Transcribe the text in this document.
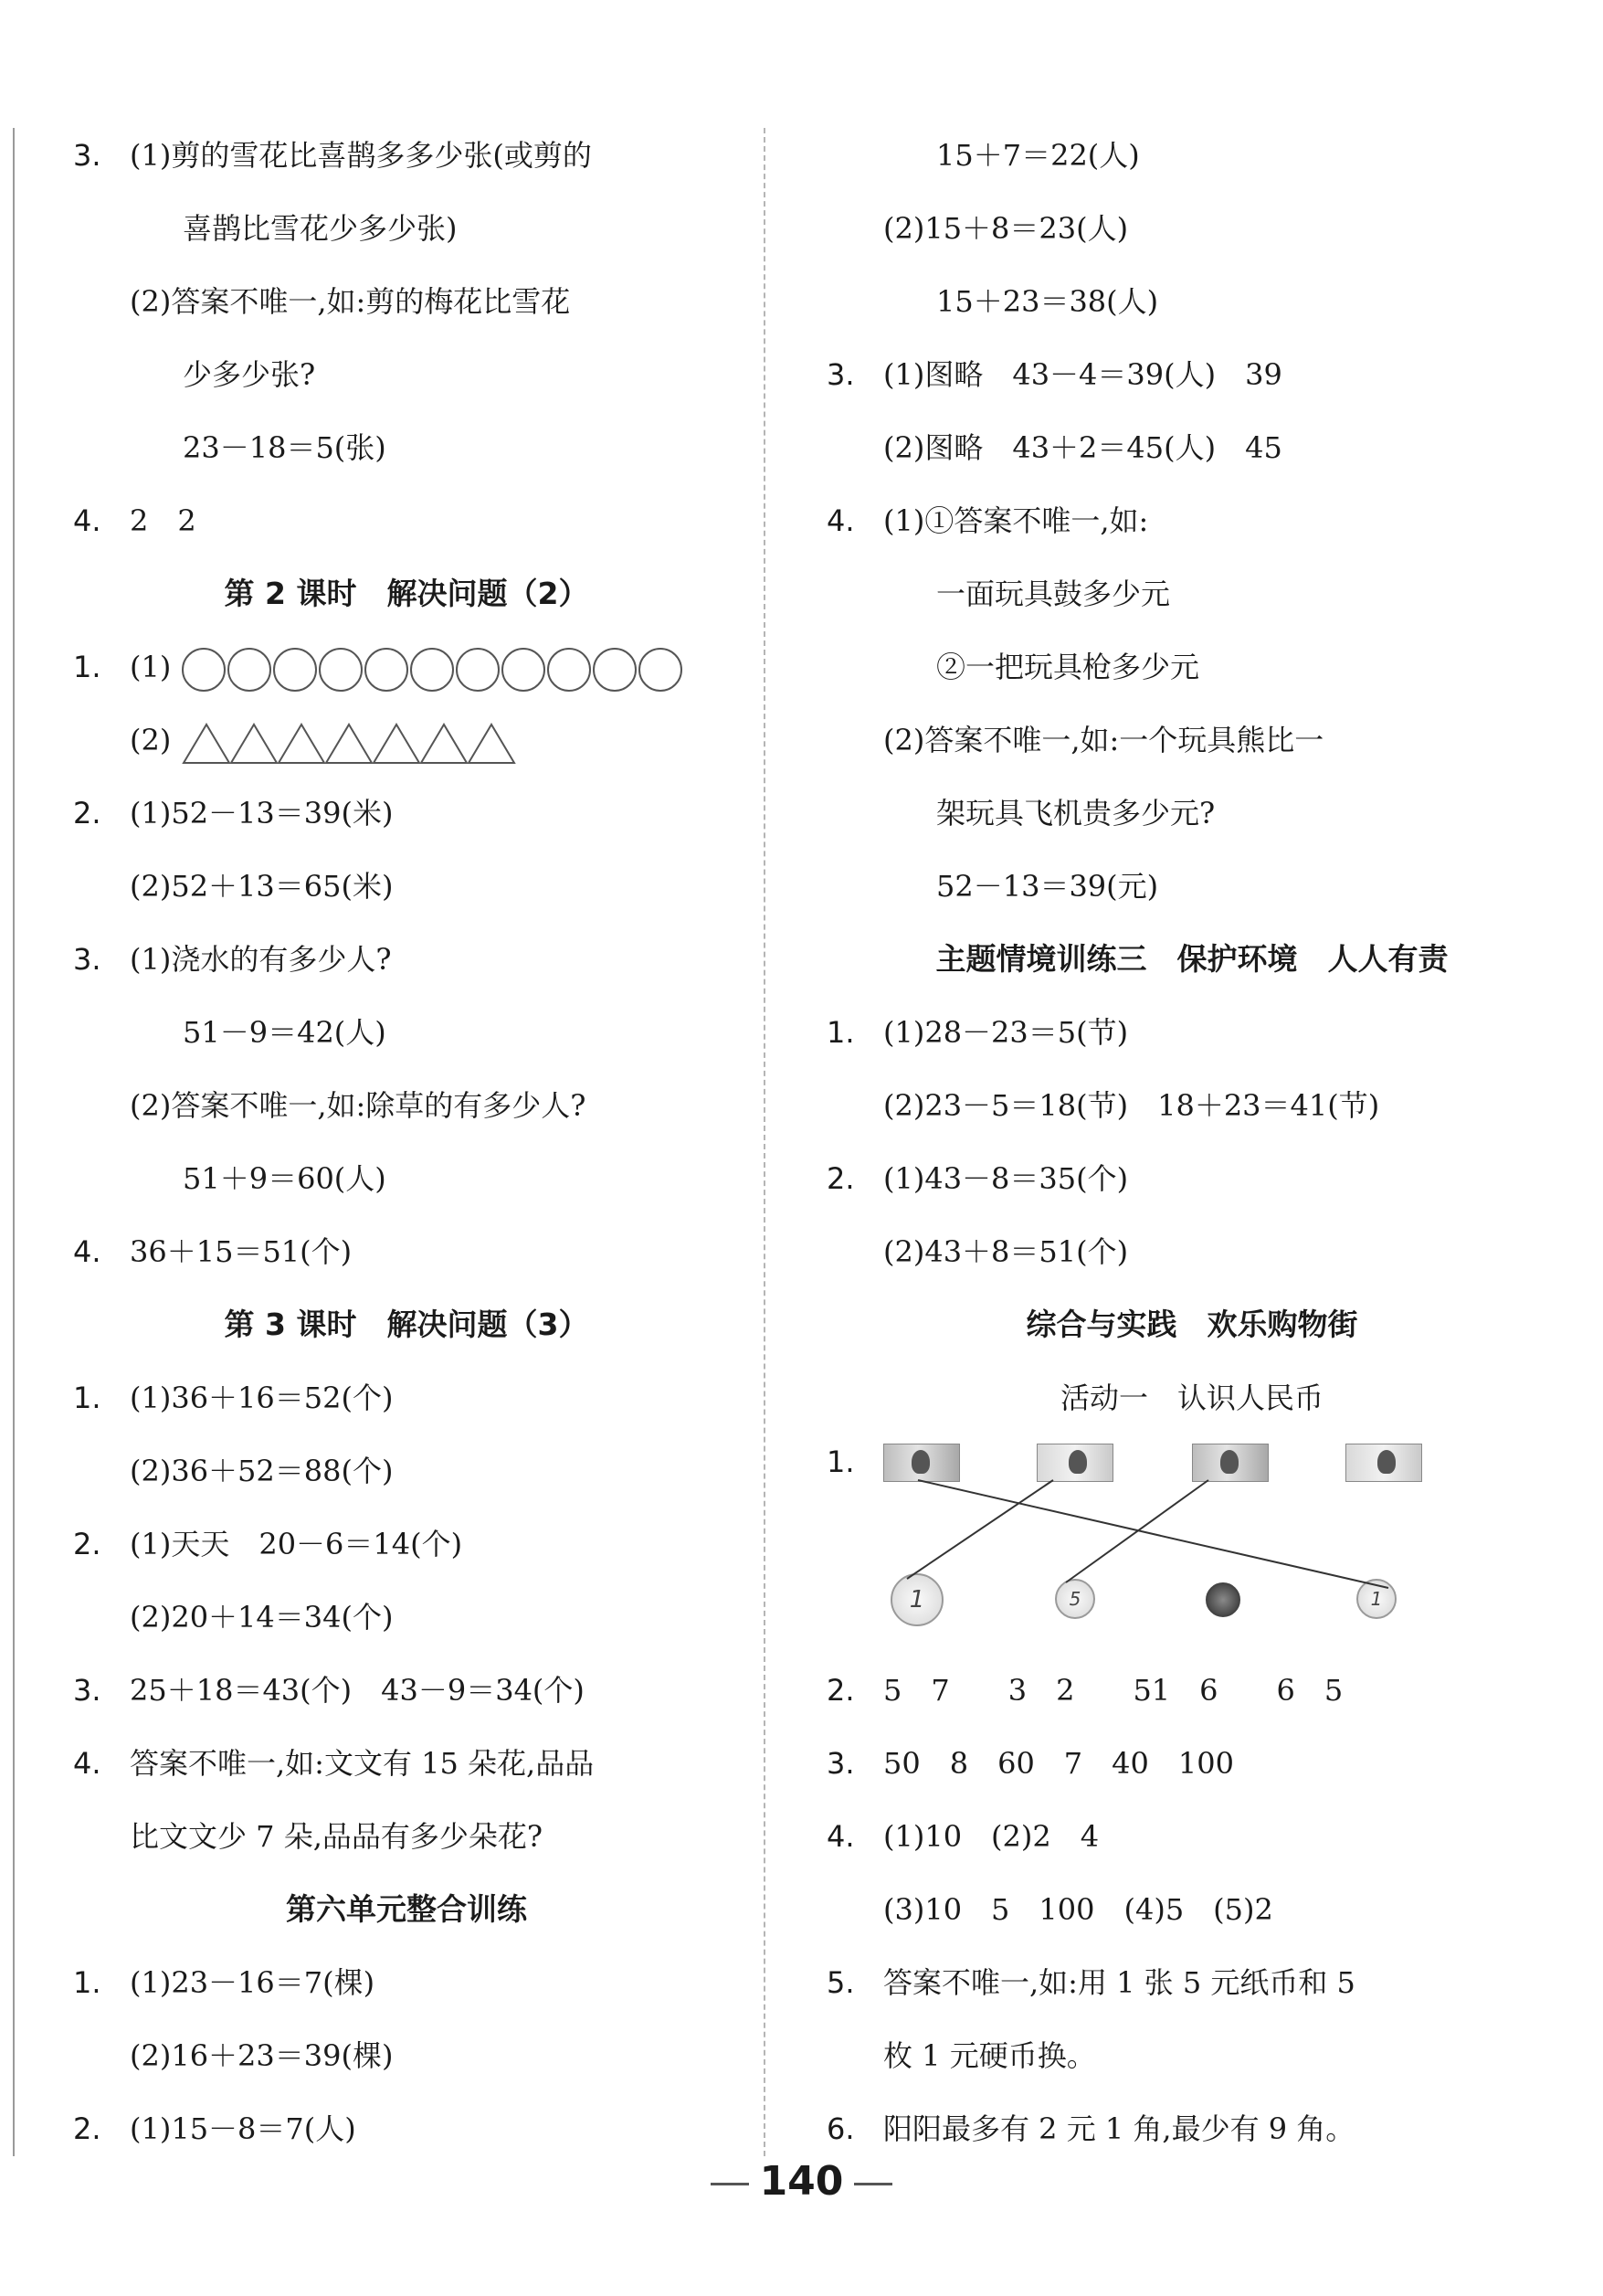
3. (1)剪的雪花比喜鹊多多少张(或剪的
喜鹊比雪花少多少张)
(2)答案不唯一,如:剪的梅花比雪花
少多少张?
23－18＝5(张)
4. 2　2
第 2 课时　解决问题（2）
1. (1)
(2)
2. (1)52－13＝39(米)
(2)52＋13＝65(米)
3. (1)浇水的有多少人?
51－9＝42(人)
(2)答案不唯一,如:除草的有多少人?
51＋9＝60(人)
4. 36＋15＝51(个)
第 3 课时　解决问题（3）
1. (1)36＋16＝52(个)
(2)36＋52＝88(个)
2. (1)天天　20－6＝14(个)
(2)20＋14＝34(个)
3. 25＋18＝43(个)　43－9＝34(个)
4. 答案不唯一,如:文文有 15 朵花,品品
比文文少 7 朵,品品有多少朵花?
第六单元整合训练
1. (1)23－16＝7(棵)
(2)16＋23＝39(棵)
2. (1)15－8＝7(人)
15＋7＝22(人)
(2)15＋8＝23(人)
15＋23＝38(人)
3. (1)图略　43－4＝39(人)　39
(2)图略　43＋2＝45(人)　45
4. (1)①答案不唯一,如:
一面玩具鼓多少元
②一把玩具枪多少元
(2)答案不唯一,如:一个玩具熊比一
架玩具飞机贵多少元?
52－13＝39(元)
主题情境训练三　保护环境　人人有责
1. (1)28－23＝5(节)
(2)23－5＝18(节)　18＋23＝41(节)
2. (1)43－8＝35(个)
(2)43＋8＝51(个)
综合与实践　欢乐购物街
活动一　认识人民币
1.
1	5	1
2. 5　7　　3　2　　51　6　　6　5
3. 50　8　60　7　40　100
4. (1)10　(2)2　4
(3)10　5　100　(4)5　(5)2
5. 答案不唯一,如:用 1 张 5 元纸币和 5
枚 1 元硬币换。
6. 阳阳最多有 2 元 1 角,最少有 9 角。
140
